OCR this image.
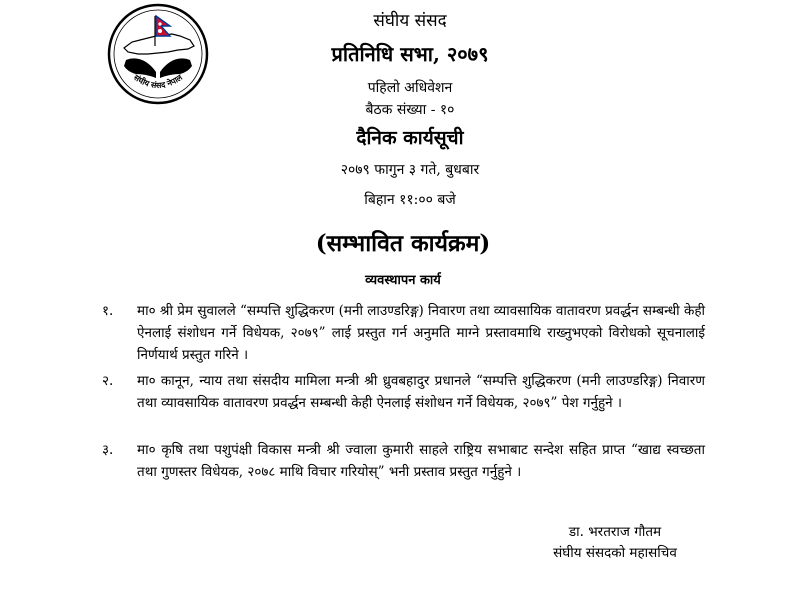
संघीय संसद नेपाल
संघीय संसद
प्रतिनिधि सभा, २०७९
पहिलो अधिवेशन
बैठक संख्या - १०
दैनिक कार्यसूची
२०७९ फागुन ३ गते, बुधबार
बिहान ११:०० बजे
(सम्भावित कार्यक्रम)
व्यवस्थापन कार्य
१. मा० श्री प्रेम सुवालले “सम्पत्ति शुद्धिकरण (मनी लाउण्डरिङ्ग) निवारण तथा व्यावसायिक वातावरण प्रवर्द्धन सम्बन्धी केही ऐनलाई संशोधन गर्ने विधेयक, २०७९” लाई प्रस्तुत गर्न अनुमति माग्ने प्रस्तावमाथि राख्नुभएको विरोधको सूचनालाई निर्णयार्थ प्रस्तुत गरिने ।
२. मा० कानून, न्याय तथा संसदीय मामिला मन्त्री श्री ध्रुवबहादुर प्रधानले “सम्पत्ति शुद्धिकरण (मनी लाउण्डरिङ्ग) निवारण तथा व्यावसायिक वातावरण प्रवर्द्धन सम्बन्धी केही ऐनलाई संशोधन गर्ने विधेयक, २०७९” पेश गर्नुहुने ।
३. मा० कृषि तथा पशुपंक्षी विकास मन्त्री श्री ज्वाला कुमारी साहले राष्ट्रिय सभाबाट सन्देश सहित प्राप्त “खाद्य स्वच्छता तथा गुणस्तर विधेयक, २०७८ माथि विचार गरियोस्” भनी प्रस्ताव प्रस्तुत गर्नुहुने ।
डा. भरतराज गौतम
संघीय संसदको महासचिव
